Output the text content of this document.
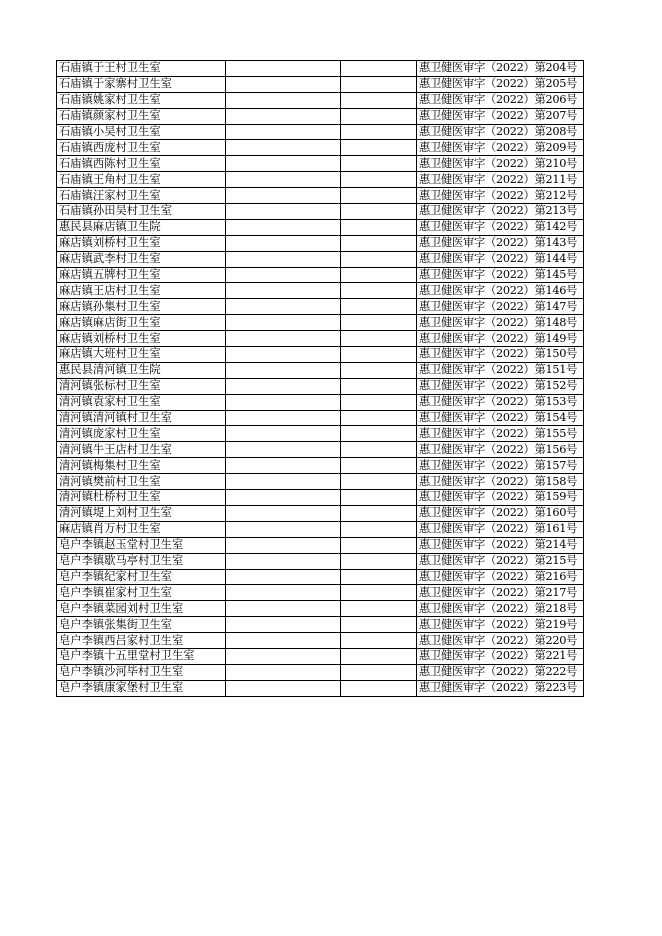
石庙镇于王村卫生室			惠卫健医审字（2022）第204号
石庙镇于家寨村卫生室			惠卫健医审字（2022）第205号
石庙镇姚家村卫生室			惠卫健医审字（2022）第206号
石庙镇颜家村卫生室			惠卫健医审字（2022）第207号
石庙镇小吴村卫生室			惠卫健医审字（2022）第208号
石庙镇西庞村卫生室			惠卫健医审字（2022）第209号
石庙镇西陈村卫生室			惠卫健医审字（2022）第210号
石庙镇王角村卫生室			惠卫健医审字（2022）第211号
石庙镇汪家村卫生室			惠卫健医审字（2022）第212号
石庙镇孙田吴村卫生室			惠卫健医审字（2022）第213号
惠民县麻店镇卫生院			惠卫健医审字（2022）第142号
麻店镇刘桥村卫生室			惠卫健医审字（2022）第143号
麻店镇武李村卫生室			惠卫健医审字（2022）第144号
麻店镇五牌村卫生室			惠卫健医审字（2022）第145号
麻店镇王店村卫生室			惠卫健医审字（2022）第146号
麻店镇孙集村卫生室			惠卫健医审字（2022）第147号
麻店镇麻店街卫生室			惠卫健医审字（2022）第148号
麻店镇刘桥村卫生室			惠卫健医审字（2022）第149号
麻店镇大班村卫生室			惠卫健医审字（2022）第150号
惠民县清河镇卫生院			惠卫健医审字（2022）第151号
清河镇张标村卫生室			惠卫健医审字（2022）第152号
清河镇袁家村卫生室			惠卫健医审字（2022）第153号
清河镇清河镇村卫生室			惠卫健医审字（2022）第154号
清河镇庞家村卫生室			惠卫健医审字（2022）第155号
清河镇牛王店村卫生室			惠卫健医审字（2022）第156号
清河镇梅集村卫生室			惠卫健医审字（2022）第157号
清河镇樊前村卫生室			惠卫健医审字（2022）第158号
清河镇杜桥村卫生室			惠卫健医审字（2022）第159号
清河镇堤上刘村卫生室			惠卫健医审字（2022）第160号
麻店镇肖万村卫生室			惠卫健医审字（2022）第161号
皂户李镇赵玉堂村卫生室			惠卫健医审字（2022）第214号
皂户李镇歇马亭村卫生室			惠卫健医审字（2022）第215号
皂户李镇纪家村卫生室			惠卫健医审字（2022）第216号
皂户李镇崔家村卫生室			惠卫健医审字（2022）第217号
皂户李镇菜园刘村卫生室			惠卫健医审字（2022）第218号
皂户李镇张集街卫生室			惠卫健医审字（2022）第219号
皂户李镇西吕家村卫生室			惠卫健医审字（2022）第220号
皂户李镇十五里堂村卫生室			惠卫健医审字（2022）第221号
皂户李镇沙河毕村卫生室			惠卫健医审字（2022）第222号
皂户李镇康家堡村卫生室			惠卫健医审字（2022）第223号
